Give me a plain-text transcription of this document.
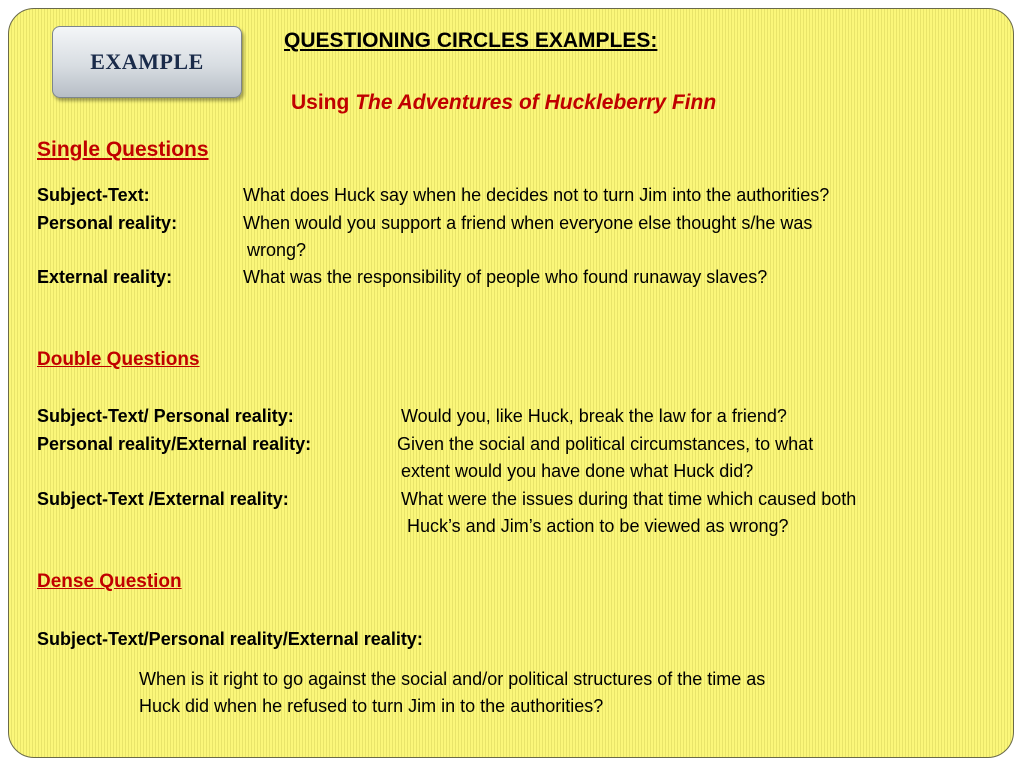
EXAMPLE
QUESTIONING CIRCLES EXAMPLES:
Using The Adventures of Huckleberry Finn
Single Questions
Subject-Text:	What does Huck say when he decides not to turn Jim into the authorities?
Personal reality:	When would you support a friend when everyone else thought s/he was
wrong?
External reality:	What was the responsibility of people who found runaway slaves?
Double Questions
Subject-Text/ Personal reality:	Would you, like Huck, break the law for a friend?
Personal reality/External reality:	Given the social and political circumstances, to what
extent would you have done what Huck did?
Subject-Text /External reality:	What were the issues during that time which caused both
Huck’s and Jim’s action to be viewed as wrong?
Dense Question
Subject-Text/Personal reality/External reality:
When is it right to go against the social and/or political structures of the time as
Huck did when he refused to turn Jim in to the authorities?
